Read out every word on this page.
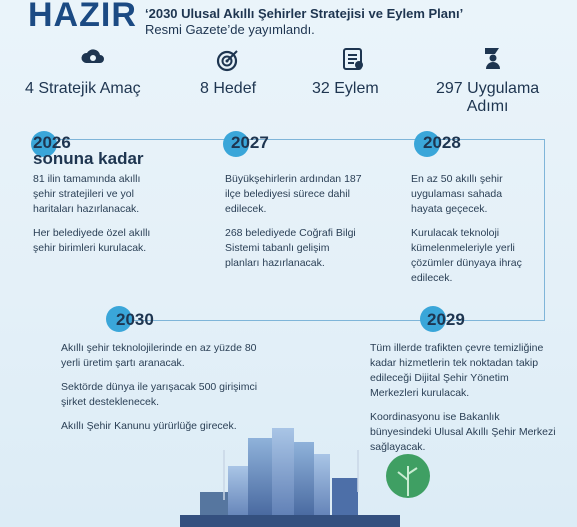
HAZIR ‘2030 Ulusal Akıllı Şehirler Stratejisi ve Eylem Planı’
Resmi Gazete’de yayımlandı.
4 Stratejik Amaç	8 Hedef	32 Eylem	297 Uygulama
Adımı
2026
sonuna kadar

81 ilin tamamında akıllı şehir stratejileri ve yol haritaları hazırlanacak.

Her belediyede özel akıllı şehir birimleri kurulacak.

2027

Büyükşehirlerin ardından 187 ilçe belediyesi sürece dahil edilecek.

268 belediyede Coğrafi Bilgi Sistemi tabanlı gelişim planları hazırlanacak.

2028

En az 50 akıllı şehir uygulaması sahada hayata geçecek.

Kurulacak teknoloji kümelenmeleriyle yerli çözümler dünyaya ihraç edilecek.

2030

Akıllı şehir teknolojilerinde en az yüzde 80 yerli üretim şartı aranacak.

Sektörde dünya ile yarışacak 500 girişimci şirket desteklenecek.

Akıllı Şehir Kanunu yürürlüğe girecek.

2029

Tüm illerde trafikten çevre temizliğine kadar hizmetlerin tek noktadan takip edileceği Dijital Şehir Yönetim Merkezleri kurulacak.

Koordinasyonu ise Bakanlık bünyesindeki Ulusal Akıllı Şehir Merkezi sağlayacak.
